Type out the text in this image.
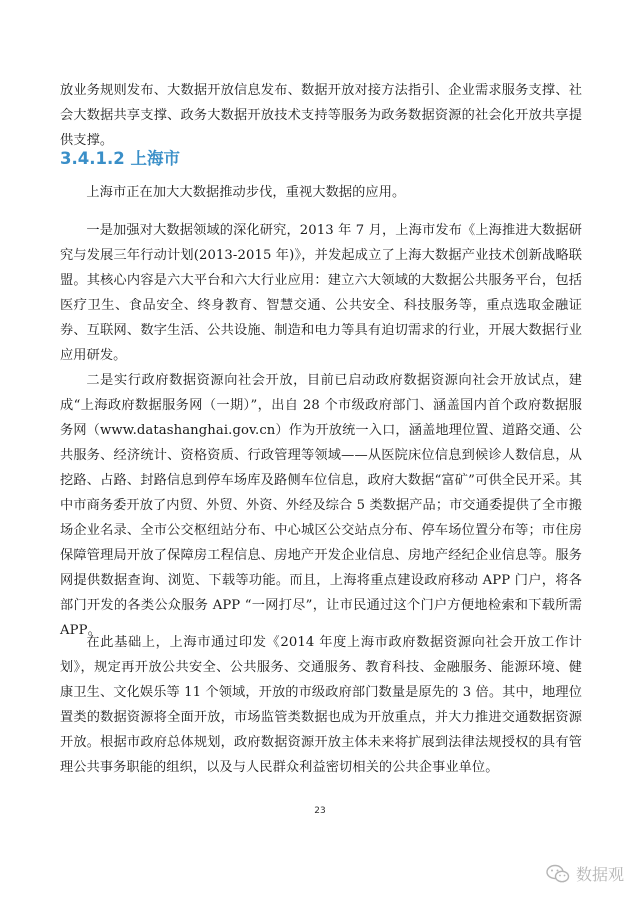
放业务规则发布、大数据开放信息发布、数据开放对接方法指引、企业需求服务支撑、社会大数据共享支撑、政务大数据开放技术支持等服务为政务数据资源的社会化开放共享提供支撑。

3.4.1.2 上海市

上海市正在加大大数据推动步伐，重视大数据的应用。

一是加强对大数据领域的深化研究，2013 年 7 月，上海市发布《上海推进大数据研究与发展三年行动计划(2013-2015 年)》，并发起成立了上海大数据产业技术创新战略联盟。其核心内容是六大平台和六大行业应用：建立六大领域的大数据公共服务平台，包括医疗卫生、食品安全、终身教育、智慧交通、公共安全、科技服务等，重点选取金融证券、互联网、数字生活、公共设施、制造和电力等具有迫切需求的行业，开展大数据行业应用研发。

二是实行政府数据资源向社会开放，目前已启动政府数据资源向社会开放试点，建成“上海政府数据服务网（一期）”，出自 28 个市级政府部门、涵盖国内首个政府数据服务网（www.datashanghai.gov.cn）作为开放统一入口，涵盖地理位置、道路交通、公共服务、经济统计、资格资质、行政管理等领域——从医院床位信息到候诊人数信息，从挖路、占路、封路信息到停车场库及路侧车位信息，政府大数据“富矿”可供全民开采。其中市商务委开放了内贸、外贸、外资、外经及综合 5 类数据产品；市交通委提供了全市搬场企业名录、全市公交枢纽站分布、中心城区公交站点分布、停车场位置分布等；市住房保障管理局开放了保障房工程信息、房地产开发企业信息、房地产经纪企业信息等。服务网提供数据查询、浏览、下载等功能。而且，上海将重点建设政府移动 APP 门户，将各部门开发的各类公众服务 APP “一网打尽”，让市民通过这个门户方便地检索和下载所需 APP。

在此基础上，上海市通过印发《2014 年度上海市政府数据资源向社会开放工作计划》，规定再开放公共安全、公共服务、交通服务、教育科技、金融服务、能源环境、健康卫生、文化娱乐等 11 个领域，开放的市级政府部门数量是原先的 3 倍。其中，地理位置类的数据资源将全面开放，市场监管类数据也成为开放重点，并大力推进交通数据资源开放。根据市政府总体规划，政府数据资源开放主体未来将扩展到法律法规授权的具有管理公共事务职能的组织，以及与人民群众利益密切相关的公共企事业单位。

23
数据观
